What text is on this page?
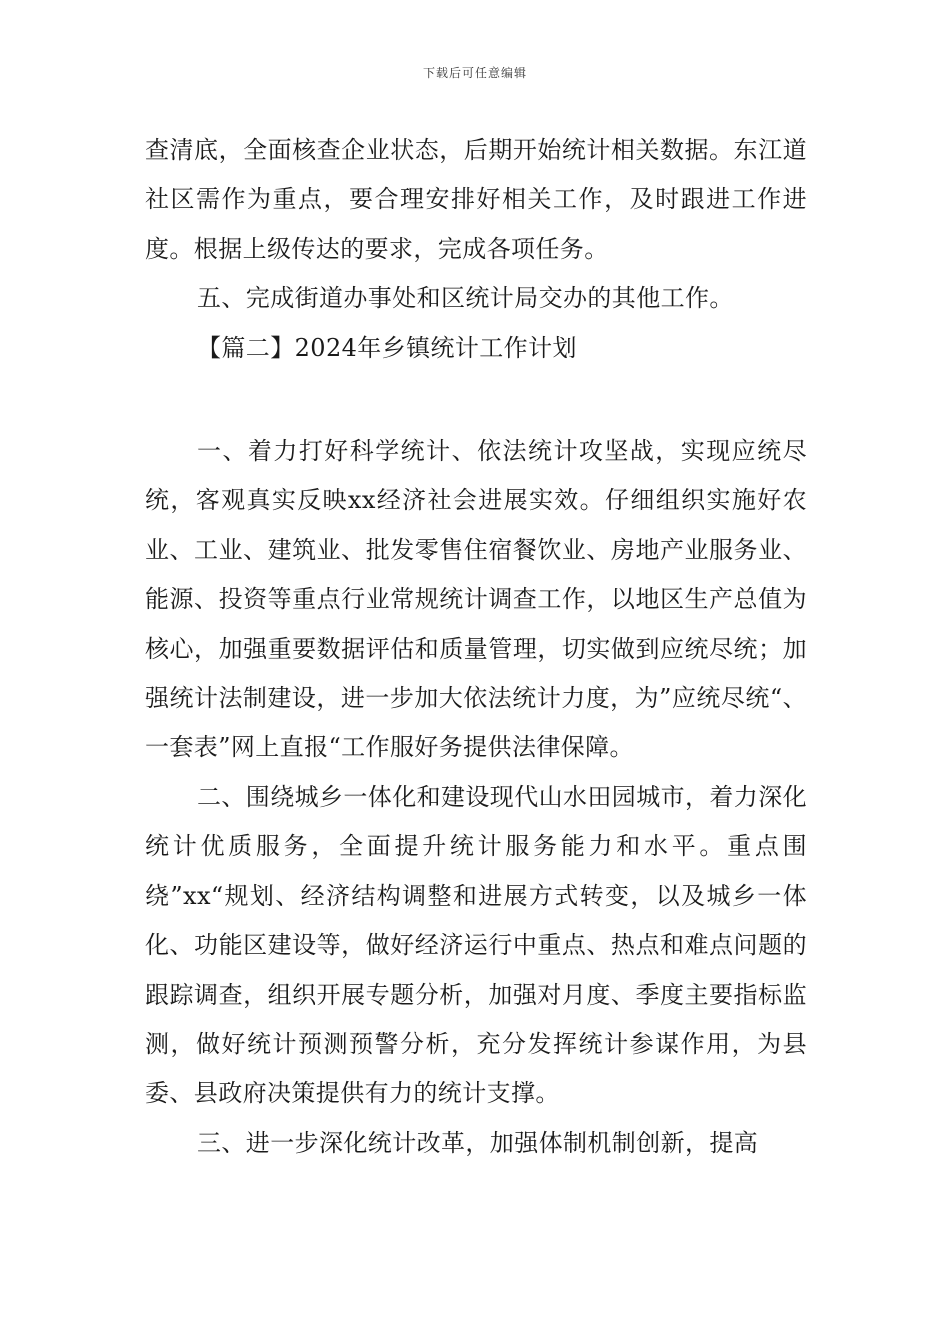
下载后可任意编辑

查清底，全面核查企业状态，后期开始统计相关数据。东江道社区需作为重点，要合理安排好相关工作，及时跟进工作进度。根据上级传达的要求，完成各项任务。

五、完成街道办事处和区统计局交办的其他工作。

【篇二】2024年乡镇统计工作计划

一、着力打好科学统计、依法统计攻坚战，实现应统尽统，客观真实反映xx经济社会进展实效。仔细组织实施好农业、工业、建筑业、批发零售住宿餐饮业、房地产业服务业、能源、投资等重点行业常规统计调查工作，以地区生产总值为核心，加强重要数据评估和质量管理，切实做到应统尽统；加强统计法制建设，进一步加大依法统计力度，为”应统尽统“、一套表”网上直报“工作服好务提供法律保障。

二、围绕城乡一体化和建设现代山水田园城市，着力深化统计优质服务，全面提升统计服务能力和水平。重点围绕”xx“规划、经济结构调整和进展方式转变，以及城乡一体化、功能区建设等，做好经济运行中重点、热点和难点问题的跟踪调查，组织开展专题分析，加强对月度、季度主要指标监测，做好统计预测预警分析，充分发挥统计参谋作用，为县委、县政府决策提供有力的统计支撑。

三、进一步深化统计改革，加强体制机制创新，提高
